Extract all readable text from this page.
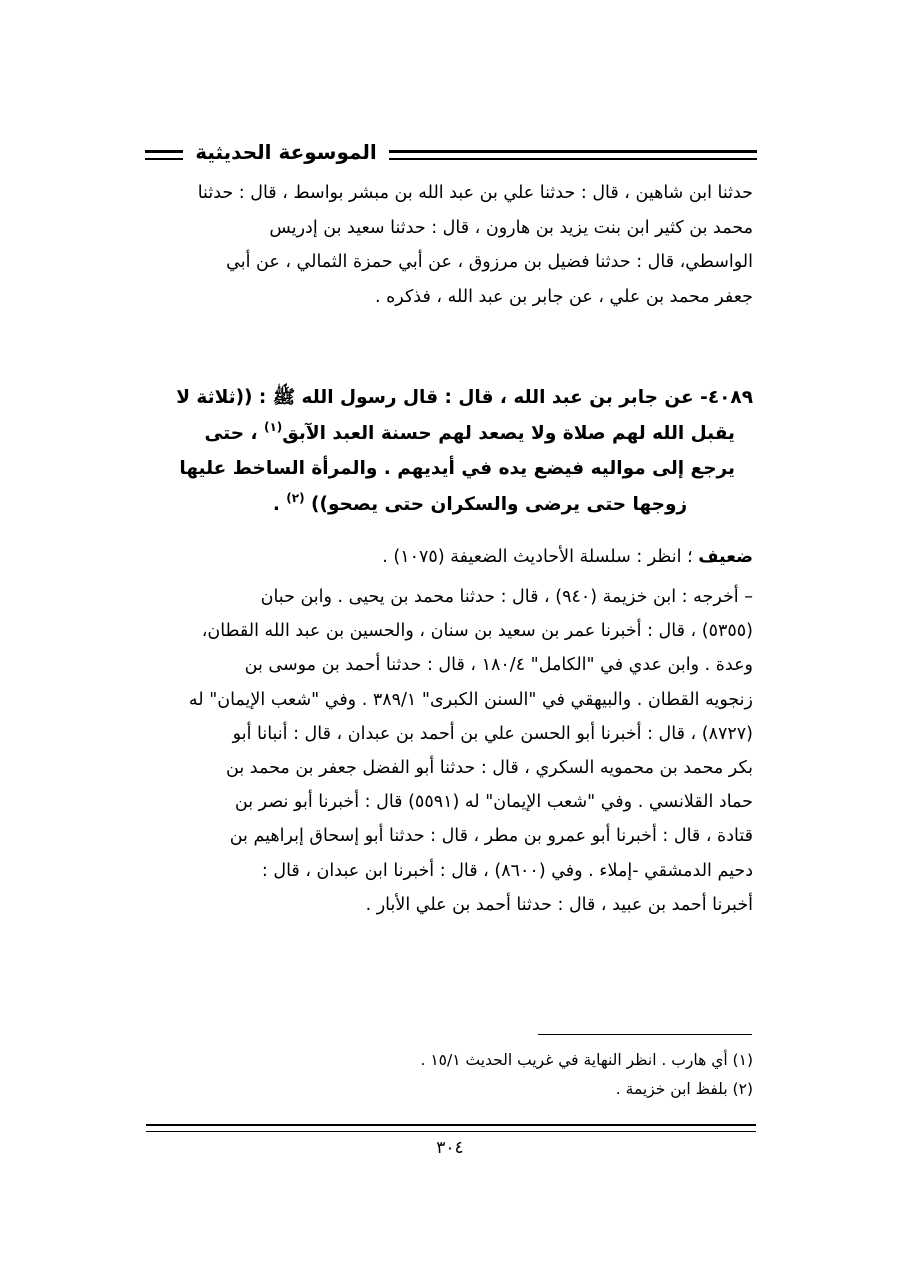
الموسوعة الحديثية
حدثنا ابن شاهين ، قال : حدثنا علي بن عبد الله بن مبشر بواسط ، قال : حدثنا
محمد بن كثير ابن بنت يزيد بن هارون ، قال : حدثنا سعيد بن إدريس
الواسطي، قال : حدثنا فضيل بن مرزوق ، عن أبي حمزة الثمالي ، عن أبي
جعفر محمد بن علي ، عن جابر بن عبد الله ، فذكره .
٤٠٨٩- عن جابر بن عبد الله ، قال : قال رسول الله ﷺ : ((ثلاثة لا
يقبل الله لهم صلاة ولا يصعد لهم حسنة العبد الآبق$^{(١)}$ ، حتى
يرجع إلى مواليه فيضع يده في أيديهم . والمرأة الساخط عليها
زوجها حتى يرضى والسكران حتى يصحو)) $^{(٢)}$ .
ضعيف ؛ انظر : سلسلة الأحاديث الضعيفة (١٠٧٥) .
– أخرجه : ابن خزيمة (٩٤٠) ، قال : حدثنا محمد بن يحيى . وابن حبان
(٥٣٥٥) ، قال : أخبرنا عمر بن سعيد بن سنان ، والحسين بن عبد الله القطان،
وعدة . وابن عدي في "الكامل" ١٨٠/٤ ، قال : حدثنا أحمد بن موسى بن
زنجويه القطان . والبيهقي في "السنن الكبرى" ٣٨٩/١ . وفي "شعب الإيمان" له
(٨٧٢٧) ، قال : أخبرنا أبو الحسن علي بن أحمد بن عبدان ، قال : أنبانا أبو
بكر محمد بن محمويه السكري ، قال : حدثنا أبو الفضل جعفر بن محمد بن
حماد القلانسي . وفي "شعب الإيمان" له (٥٥٩١) قال : أخبرنا أبو نصر بن
قتادة ، قال : أخبرنا أبو عمرو بن مطر ، قال : حدثنا أبو إسحاق إبراهيم بن
دحيم الدمشقي -إملاء . وفي (٨٦٠٠) ، قال : أخبرنا ابن عبدان ، قال :
أخبرنا أحمد بن عبيد ، قال : حدثنا أحمد بن علي الأبار .
(١) أي هارب . انظر النهاية في غريب الحديث ١٥/١ .
(٢) بلفظ ابن خزيمة .
٣٠٤
